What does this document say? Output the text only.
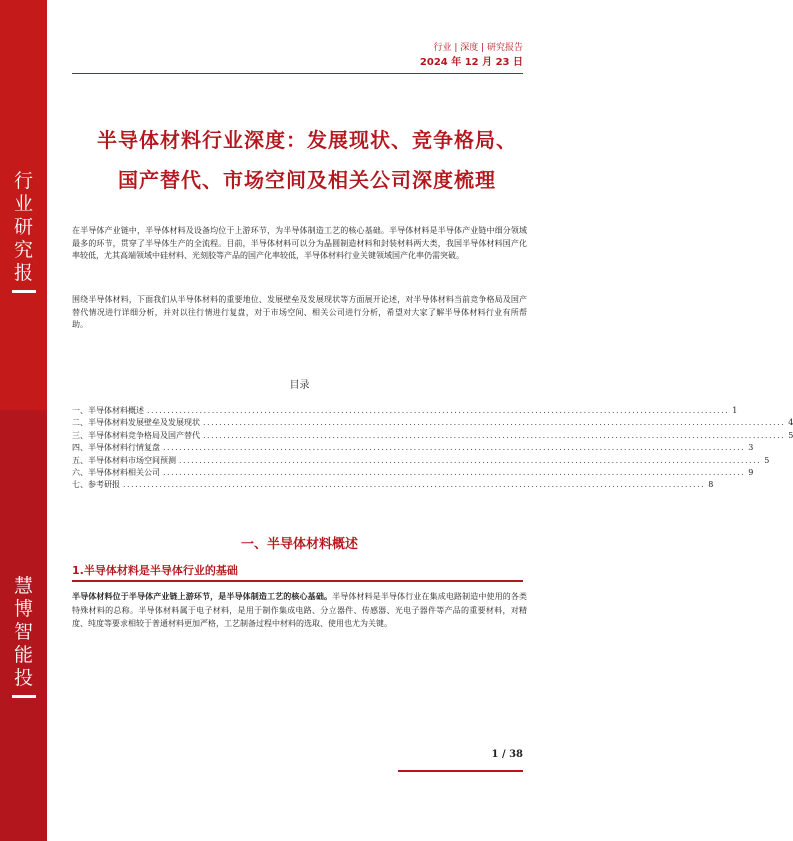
行
业
研
究
报
慧
博
智
能
投
行业 | 深度 | 研究报告
2024 年 12 月 23 日
半导体材料行业深度：发展现状、竞争格局、
国产替代、市场空间及相关公司深度梳理
在半导体产业链中，半导体材料及设备均位于上游环节，为半导体制造工艺的核心基础。半导体材料是半导体产业链中细分领域最多的环节，贯穿了半导体生产的全流程。目前，半导体材料可以分为晶圆制造材料和封装材料两大类，我国半导体材料国产化率较低，尤其高端领域中硅材料、光刻胶等产品的国产化率较低，半导体材料行业关键领域国产化率仍需突破。
围绕半导体材料，下面我们从半导体材料的重要地位、发展壁垒及发展现状等方面展开论述，对半导体材料当前竞争格局及国产替代情况进行详细分析，并对以往行情进行复盘，对于市场空间、相关公司进行分析，希望对大家了解半导体材料行业有所帮助。
目录
一、半导体材料概述 ................................................................................................................................................ 1
二、半导体材料发展壁垒及发展现状 ................................................................................................................................................ 4
三、半导体材料竞争格局及国产替代 ................................................................................................................................................ 5
四、半导体材料行情复盘 ................................................................................................................................................ 3
五、半导体材料市场空间预测 ................................................................................................................................................ 5
六、半导体材料相关公司 ................................................................................................................................................ 9
七、参考研报 ................................................................................................................................................ 8
一、半导体材料概述
1.半导体材料是半导体行业的基础
半导体材料位于半导体产业链上游环节，是半导体制造工艺的核心基础。半导体材料是半导体行业在集成电路制造中使用的各类特殊材料的总称。半导体材料属于电子材料，是用于制作集成电路、分立器件、传感器、光电子器件等产品的重要材料，对精度、纯度等要求相较于普通材料更加严格，工艺制备过程中材料的选取、使用也尤为关键。
1 / 38
